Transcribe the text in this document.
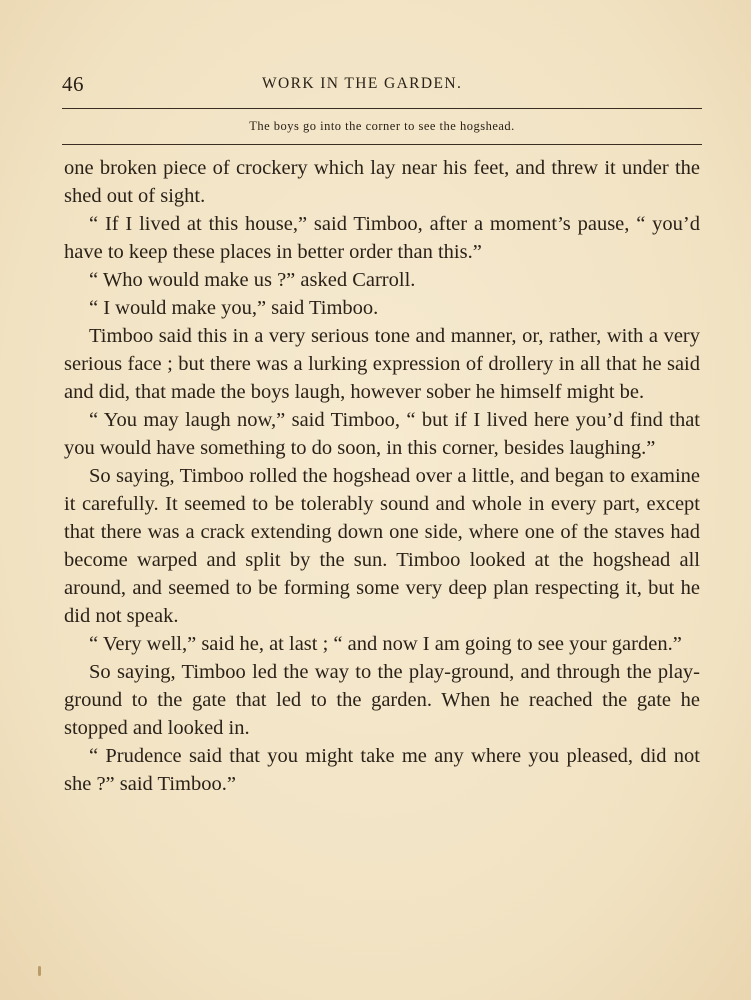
46	WORK IN THE GARDEN.
The boys go into the corner to see the hogshead.

one broken piece of crockery which lay near his feet, and threw it under the shed out of sight.

“ If I lived at this house,” said Timboo, after a moment’s pause, “ you’d have to keep these places in better order than this.”

“ Who would make us ?” asked Carroll.

“ I would make you,” said Timboo.

Timboo said this in a very serious tone and manner, or, rather, with a very serious face ; but there was a lurking expression of drollery in all that he said and did, that made the boys laugh, however sober he himself might be.

“ You may laugh now,” said Timboo, “ but if I lived here you’d find that you would have something to do soon, in this corner, besides laughing.”

So saying, Timboo rolled the hogshead over a little, and began to examine it carefully. It seemed to be tolerably sound and whole in every part, except that there was a crack extending down one side, where one of the staves had become warped and split by the sun. Timboo looked at the hogshead all around, and seemed to be forming some very deep plan respecting it, but he did not speak.

“ Very well,” said he, at last ; “ and now I am going to see your garden.”

So saying, Timboo led the way to the play-ground, and through the play-ground to the gate that led to the garden. When he reached the gate he stopped and looked in.

“ Prudence said that you might take me any where you pleased, did not she ?” said Timboo.”
